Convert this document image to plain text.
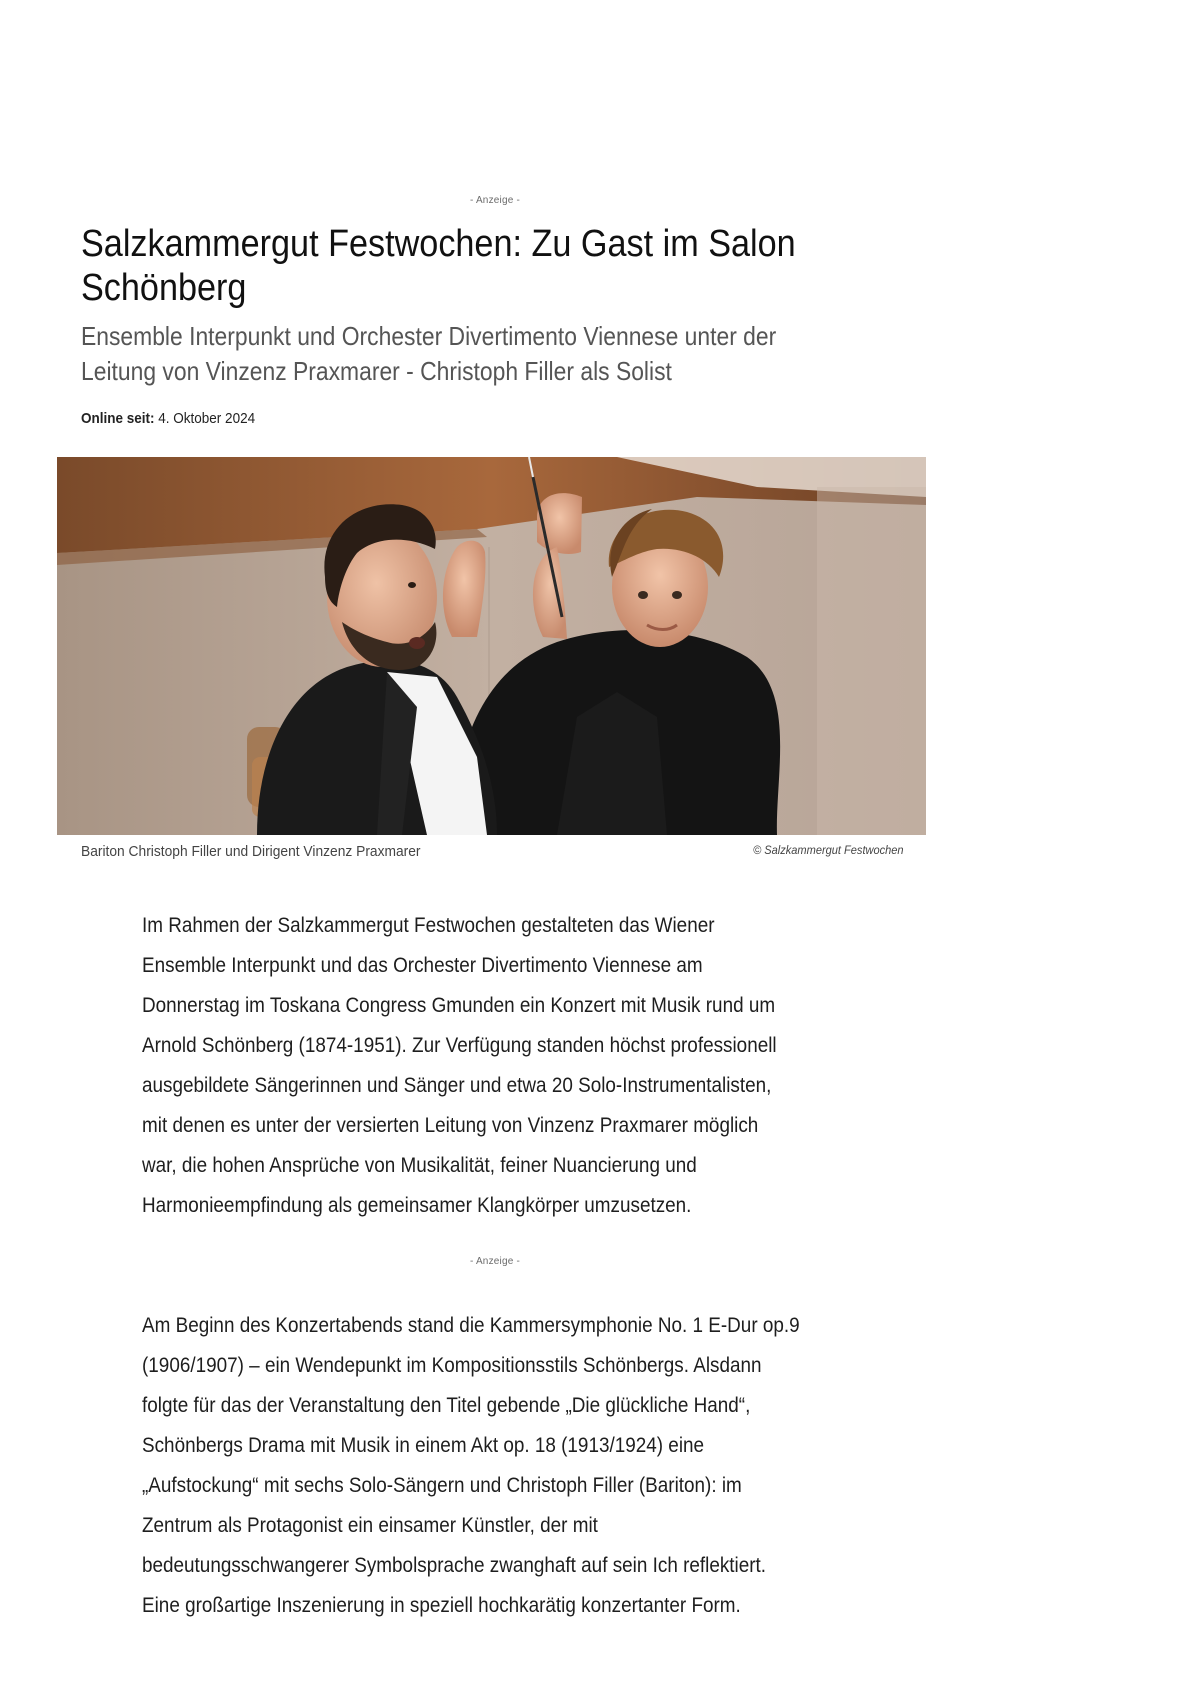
- Anzeige -
Salzkammergut Festwochen: Zu Gast im Salon Schönberg
Ensemble Interpunkt und Orchester Divertimento Viennese unter der Leitung von Vinzenz Praxmarer - Christoph Filler als Solist
Online seit: 4. Oktober 2024
Bariton Christoph Filler und Dirigent Vinzenz Praxmarer	© Salzkammergut Festwochen
Im Rahmen der Salzkammergut Festwochen gestalteten das Wiener
Ensemble Interpunkt und das Orchester Divertimento Viennese am
Donnerstag im Toskana Congress Gmunden ein Konzert mit Musik rund um
Arnold Schönberg (1874-1951). Zur Verfügung standen höchst professionell
ausgebildete Sängerinnen und Sänger und etwa 20 Solo-Instrumentalisten,
mit denen es unter der versierten Leitung von Vinzenz Praxmarer möglich
war, die hohen Ansprüche von Musikalität, feiner Nuancierung und
Harmonieempfindung als gemeinsamer Klangkörper umzusetzen.
- Anzeige -
Am Beginn des Konzertabends stand die Kammersymphonie No. 1 E-Dur op.9
(1906/1907) – ein Wendepunkt im Kompositionsstils Schönbergs. Alsdann
folgte für das der Veranstaltung den Titel gebende „Die glückliche Hand“,
Schönbergs Drama mit Musik in einem Akt op. 18 (1913/1924) eine
„Aufstockung“ mit sechs Solo-Sängern und Christoph Filler (Bariton): im
Zentrum als Protagonist ein einsamer Künstler, der mit
bedeutungsschwangerer Symbolsprache zwanghaft auf sein Ich reflektiert.
Eine großartige Inszenierung in speziell hochkarätig konzertanter Form.
